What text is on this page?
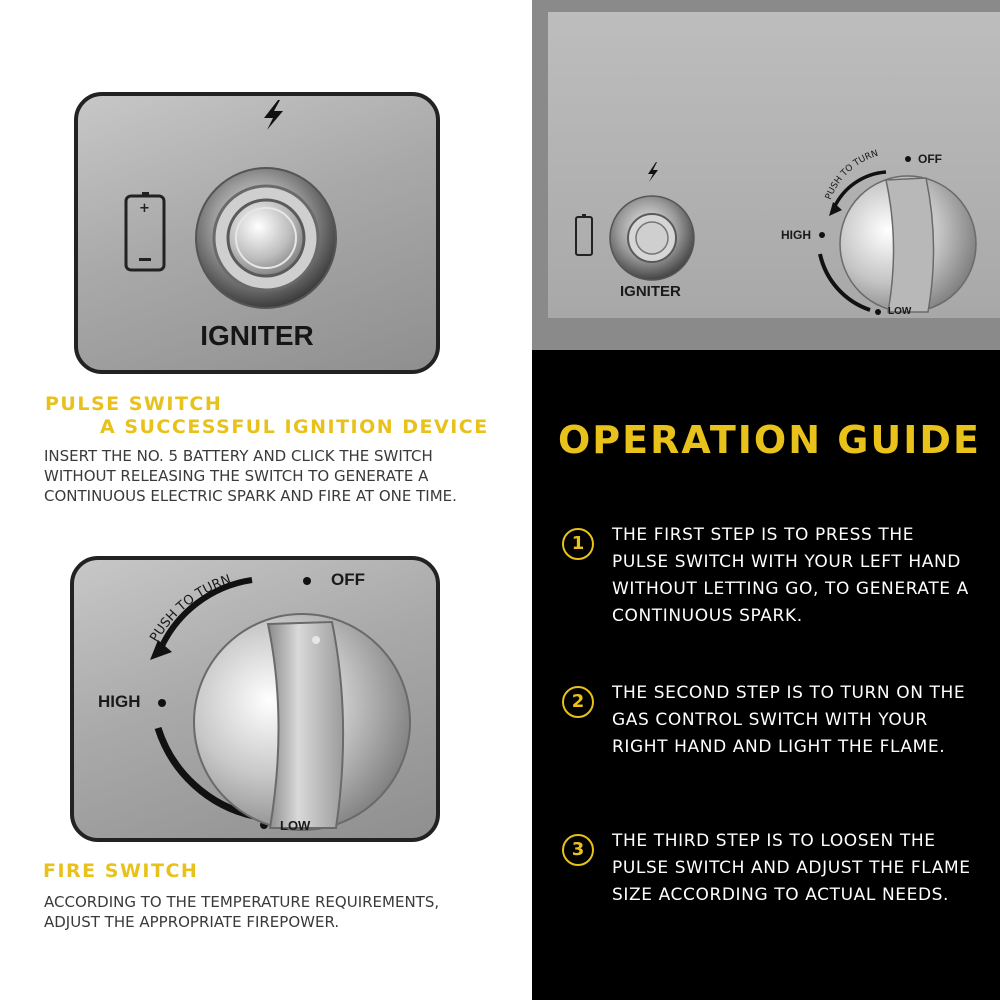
+
IGNITER
PULSE SWITCH
A SUCCESSFUL IGNITION DEVICE
INSERT THE NO. 5 BATTERY AND CLICK THE SWITCH
WITHOUT RELEASING THE SWITCH TO GENERATE A
CONTINUOUS ELECTRIC SPARK AND FIRE AT ONE TIME.
PUSH TO TURN	OFF
HIGH
LOW
FIRE SWITCH
ACCORDING TO THE TEMPERATURE REQUIREMENTS,
ADJUST THE APPROPRIATE FIREPOWER.
PUSH TO TURN
IGNITER
OFF
HIGH
LOW
OPERATION GUIDE
1	THE FIRST STEP IS TO PRESS THE
PULSE SWITCH WITH YOUR LEFT HAND
WITHOUT LETTING GO, TO GENERATE A
CONTINUOUS SPARK.
2	THE SECOND STEP IS TO TURN ON THE
GAS CONTROL SWITCH WITH YOUR
RIGHT HAND AND LIGHT THE FLAME.
3	THE THIRD STEP IS TO LOOSEN THE
PULSE SWITCH AND ADJUST THE FLAME
SIZE ACCORDING TO ACTUAL NEEDS.
